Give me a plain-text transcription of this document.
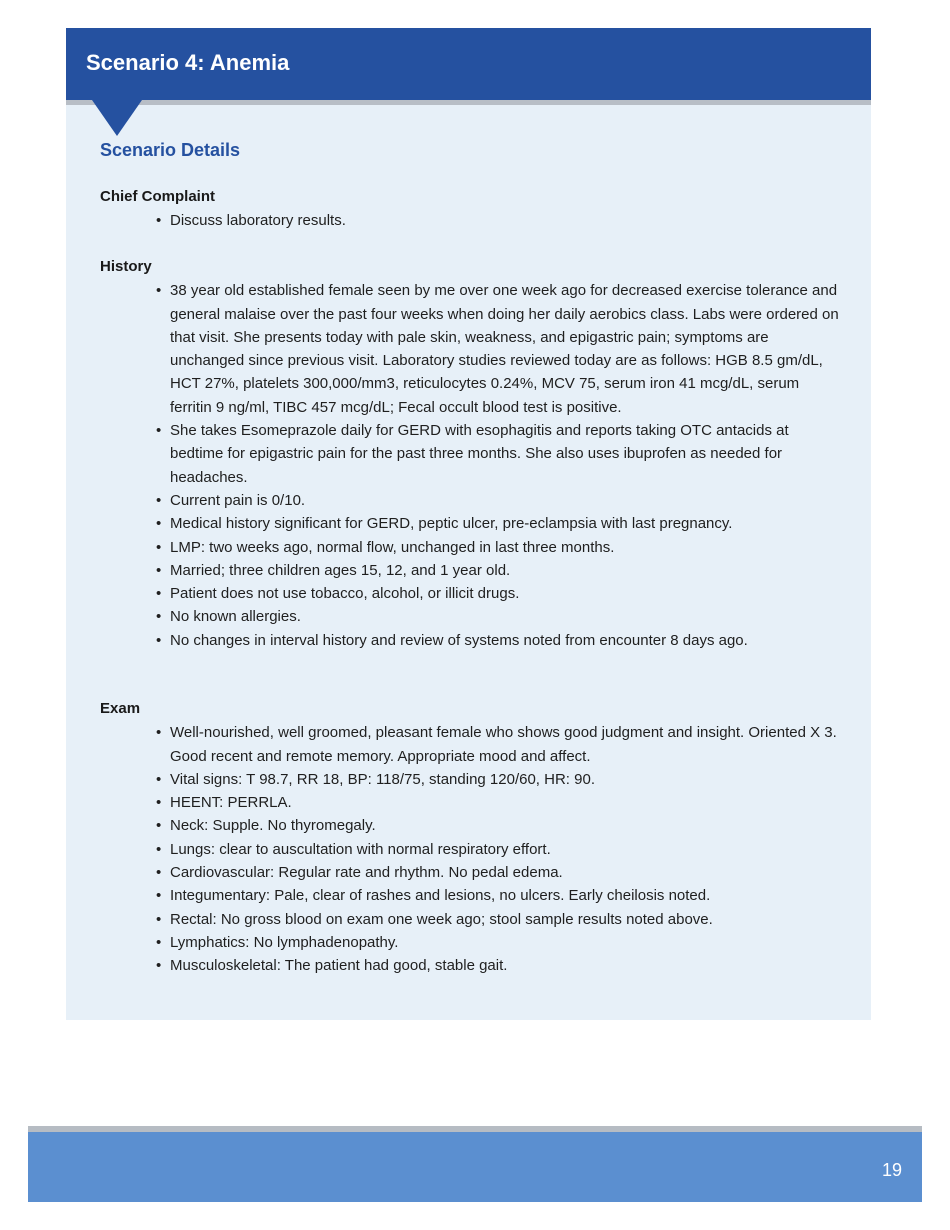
Scenario 4: Anemia
Scenario Details
Chief Complaint
• Discuss laboratory results.
History
• 38 year old established female seen by me over one week ago for decreased exercise tolerance and general malaise over the past four weeks when doing her daily aerobics class. Labs were ordered on that visit. She presents today with pale skin, weakness, and epigastric pain; symptoms are unchanged since previous visit. Laboratory studies reviewed today are as follows: HGB 8.5 gm/dL, HCT 27%, platelets 300,000/mm3, reticulocytes 0.24%, MCV 75, serum iron 41 mcg/dL, serum ferritin 9 ng/ml, TIBC 457 mcg/dL; Fecal occult blood test is positive.
• She takes Esomeprazole daily for GERD with esophagitis and reports taking OTC antacids at bedtime for epigastric pain for the past three months. She also uses ibuprofen as needed for headaches.
• Current pain is 0/10.
• Medical history significant for GERD, peptic ulcer, pre-eclampsia with last pregnancy.
• LMP: two weeks ago, normal flow, unchanged in last three months.
• Married; three children ages 15, 12, and 1 year old.
• Patient does not use tobacco, alcohol, or illicit drugs.
• No known allergies.
• No changes in interval history and review of systems noted from encounter 8 days ago.
Exam
• Well-nourished, well groomed, pleasant female who shows good judgment and insight. Oriented X 3. Good recent and remote memory. Appropriate mood and affect.
• Vital signs: T 98.7, RR 18, BP: 118/75, standing 120/60, HR: 90.
• HEENT: PERRLA.
• Neck: Supple. No thyromegaly.
• Lungs: clear to auscultation with normal respiratory effort.
• Cardiovascular: Regular rate and rhythm. No pedal edema.
• Integumentary: Pale, clear of rashes and lesions, no ulcers. Early cheilosis noted.
• Rectal: No gross blood on exam one week ago; stool sample results noted above.
• Lymphatics: No lymphadenopathy.
• Musculoskeletal: The patient had good, stable gait.
19
